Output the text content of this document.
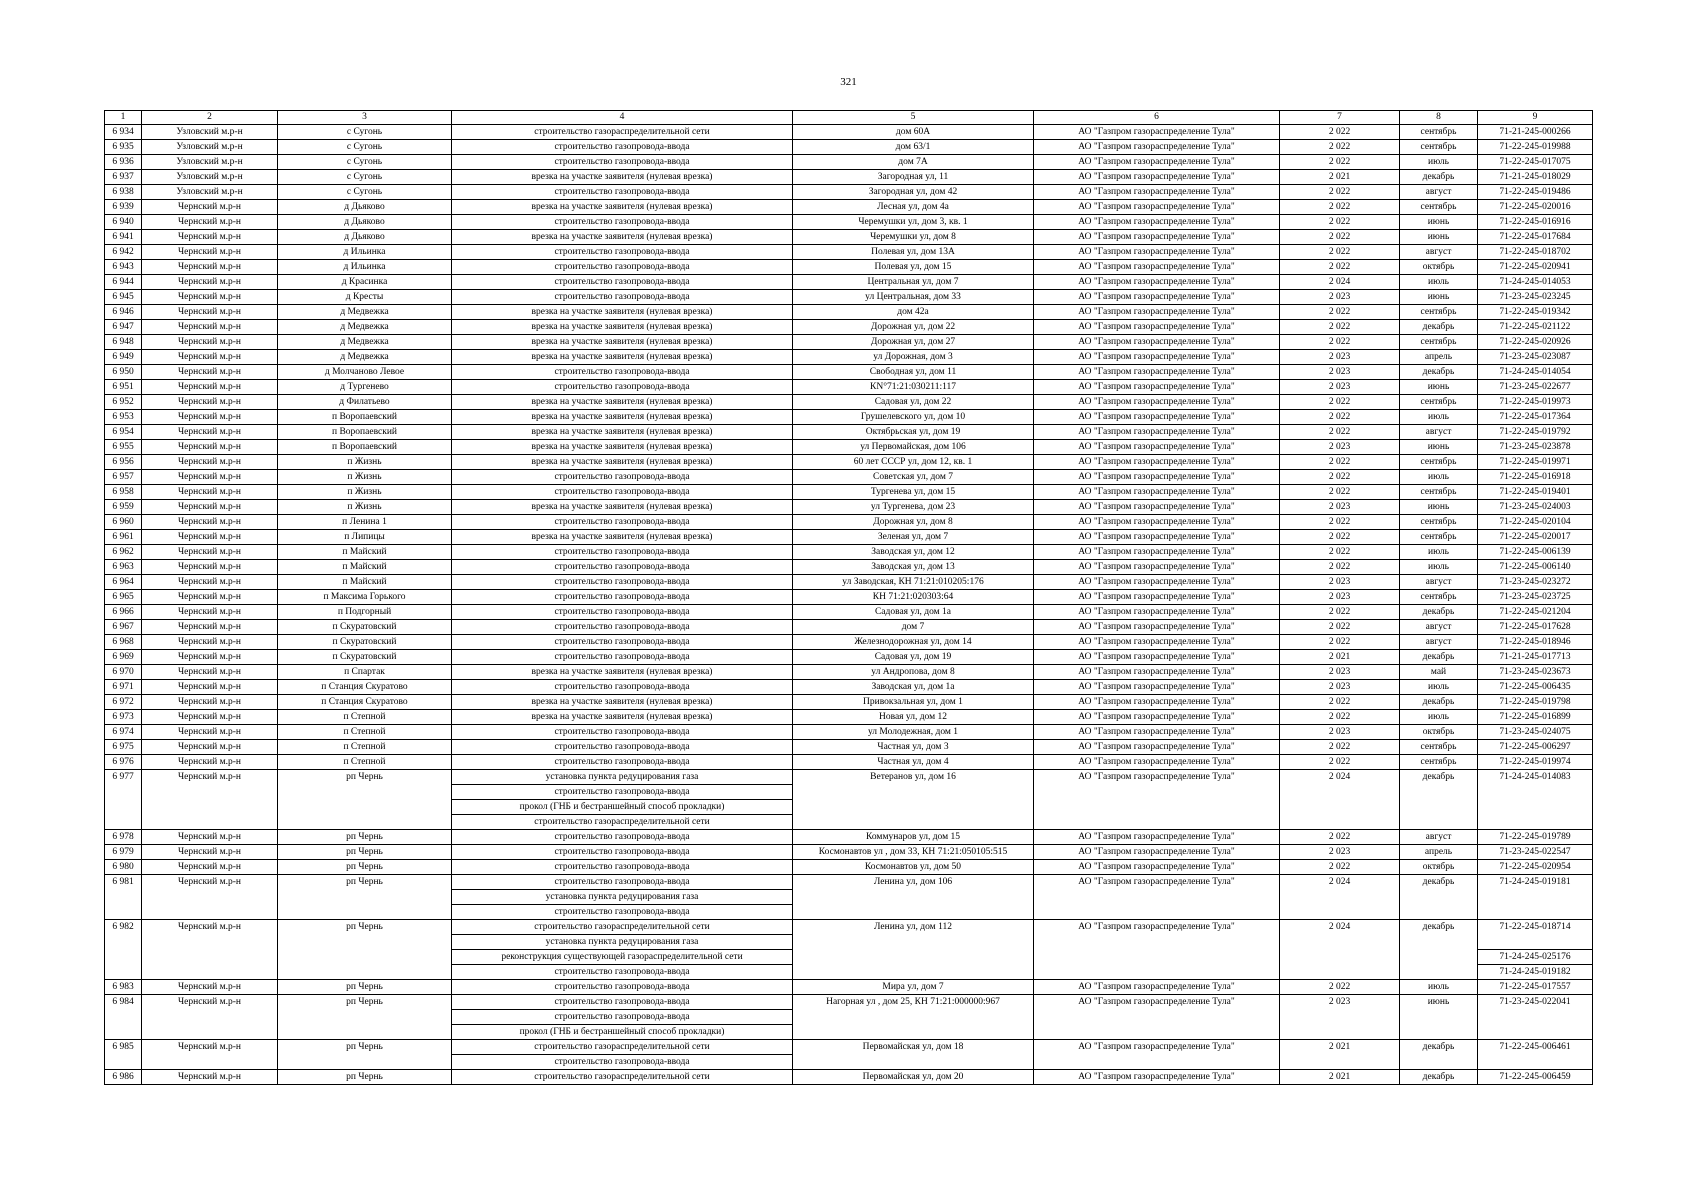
321
1	2	3	4	5	6	7	8	9
6 934	Узловский м.р-н	с Сугонь	строительство газораспределительной сети	дом 60А	АО "Газпром газораспределение Тула"	2 022	сентябрь	71-21-245-000266
6 935	Узловский м.р-н	с Сугонь	строительство газопровода-ввода	дом 63/1	АО "Газпром газораспределение Тула"	2 022	сентябрь	71-22-245-019988
6 936	Узловский м.р-н	с Сугонь	строительство газопровода-ввода	дом 7А	АО "Газпром газораспределение Тула"	2 022	июль	71-22-245-017075
6 937	Узловский м.р-н	с Сугонь	врезка на участке заявителя (нулевая врезка)	Загородная ул, 11	АО "Газпром газораспределение Тула"	2 021	декабрь	71-21-245-018029
6 938	Узловский м.р-н	с Сугонь	строительство газопровода-ввода	Загородная ул, дом 42	АО "Газпром газораспределение Тула"	2 022	август	71-22-245-019486
6 939	Чернский м.р-н	д Дьяково	врезка на участке заявителя (нулевая врезка)	Лесная ул, дом 4а	АО "Газпром газораспределение Тула"	2 022	сентябрь	71-22-245-020016
6 940	Чернский м.р-н	д Дьяково	строительство газопровода-ввода	Черемушки ул, дом 3, кв. 1	АО "Газпром газораспределение Тула"	2 022	июнь	71-22-245-016916
6 941	Чернский м.р-н	д Дьяково	врезка на участке заявителя (нулевая врезка)	Черемушки ул, дом 8	АО "Газпром газораспределение Тула"	2 022	июнь	71-22-245-017684
6 942	Чернский м.р-н	д Ильинка	строительство газопровода-ввода	Полевая ул, дом 13А	АО "Газпром газораспределение Тула"	2 022	август	71-22-245-018702
6 943	Чернский м.р-н	д Ильинка	строительство газопровода-ввода	Полевая ул, дом 15	АО "Газпром газораспределение Тула"	2 022	октябрь	71-22-245-020941
6 944	Чернский м.р-н	д Красинка	строительство газопровода-ввода	Центральная ул, дом 7	АО "Газпром газораспределение Тула"	2 024	июль	71-24-245-014053
6 945	Чернский м.р-н	д Кресты	строительство газопровода-ввода	ул Центральная, дом 33	АО "Газпром газораспределение Тула"	2 023	июнь	71-23-245-023245
6 946	Чернский м.р-н	д Медвежка	врезка на участке заявителя (нулевая врезка)	дом 42а	АО "Газпром газораспределение Тула"	2 022	сентябрь	71-22-245-019342
6 947	Чернский м.р-н	д Медвежка	врезка на участке заявителя (нулевая врезка)	Дорожная ул, дом 22	АО "Газпром газораспределение Тула"	2 022	декабрь	71-22-245-021122
6 948	Чернский м.р-н	д Медвежка	врезка на участке заявителя (нулевая врезка)	Дорожная ул, дом 27	АО "Газпром газораспределение Тула"	2 022	сентябрь	71-22-245-020926
6 949	Чернский м.р-н	д Медвежка	врезка на участке заявителя (нулевая врезка)	ул Дорожная, дом 3	АО "Газпром газораспределение Тула"	2 023	апрель	71-23-245-023087
6 950	Чернский м.р-н	д Молчаново Левое	строительство газопровода-ввода	Свободная ул, дом 11	АО "Газпром газораспределение Тула"	2 023	декабрь	71-24-245-014054
6 951	Чернский м.р-н	д Тургенево	строительство газопровода-ввода	КN°71:21:030211:117	АО "Газпром газораспределение Тула"	2 023	июнь	71-23-245-022677
6 952	Чернский м.р-н	д Филатьево	врезка на участке заявителя (нулевая врезка)	Садовая ул, дом 22	АО "Газпром газораспределение Тула"	2 022	сентябрь	71-22-245-019973
6 953	Чернский м.р-н	п Воропаевский	врезка на участке заявителя (нулевая врезка)	Грушелевского ул, дом 10	АО "Газпром газораспределение Тула"	2 022	июль	71-22-245-017364
6 954	Чернский м.р-н	п Воропаевский	врезка на участке заявителя (нулевая врезка)	Октябрьская ул, дом 19	АО "Газпром газораспределение Тула"	2 022	август	71-22-245-019792
6 955	Чернский м.р-н	п Воропаевский	врезка на участке заявителя (нулевая врезка)	ул Первомайская, дом 106	АО "Газпром газораспределение Тула"	2 023	июнь	71-23-245-023878
6 956	Чернский м.р-н	п Жизнь	врезка на участке заявителя (нулевая врезка)	60 лет СССР ул, дом 12, кв. 1	АО "Газпром газораспределение Тула"	2 022	сентябрь	71-22-245-019971
6 957	Чернский м.р-н	п Жизнь	строительство газопровода-ввода	Советская ул, дом 7	АО "Газпром газораспределение Тула"	2 022	июль	71-22-245-016918
6 958	Чернский м.р-н	п Жизнь	строительство газопровода-ввода	Тургенева ул, дом 15	АО "Газпром газораспределение Тула"	2 022	сентябрь	71-22-245-019401
6 959	Чернский м.р-н	п Жизнь	врезка на участке заявителя (нулевая врезка)	ул Тургенева, дом 23	АО "Газпром газораспределение Тула"	2 023	июнь	71-23-245-024003
6 960	Чернский м.р-н	п Ленина 1	строительство газопровода-ввода	Дорожная ул, дом 8	АО "Газпром газораспределение Тула"	2 022	сентябрь	71-22-245-020104
6 961	Чернский м.р-н	п Липицы	врезка на участке заявителя (нулевая врезка)	Зеленая ул, дом 7	АО "Газпром газораспределение Тула"	2 022	сентябрь	71-22-245-020017
6 962	Чернский м.р-н	п Майский	строительство газопровода-ввода	Заводская ул, дом 12	АО "Газпром газораспределение Тула"	2 022	июль	71-22-245-006139
6 963	Чернский м.р-н	п Майский	строительство газопровода-ввода	Заводская ул, дом 13	АО "Газпром газораспределение Тула"	2 022	июль	71-22-245-006140
6 964	Чернский м.р-н	п Майский	строительство газопровода-ввода	ул Заводская, КН 71:21:010205:176	АО "Газпром газораспределение Тула"	2 023	август	71-23-245-023272
6 965	Чернский м.р-н	п Максима Горького	строительство газопровода-ввода	КН 71:21:020303:64	АО "Газпром газораспределение Тула"	2 023	сентябрь	71-23-245-023725
6 966	Чернский м.р-н	п Подгорный	строительство газопровода-ввода	Садовая ул, дом 1а	АО "Газпром газораспределение Тула"	2 022	декабрь	71-22-245-021204
6 967	Чернский м.р-н	п Скуратовский	строительство газопровода-ввода	дом 7	АО "Газпром газораспределение Тула"	2 022	август	71-22-245-017628
6 968	Чернский м.р-н	п Скуратовский	строительство газопровода-ввода	Железнодорожная ул, дом 14	АО "Газпром газораспределение Тула"	2 022	август	71-22-245-018946
6 969	Чернский м.р-н	п Скуратовский	строительство газопровода-ввода	Садовая ул, дом 19	АО "Газпром газораспределение Тула"	2 021	декабрь	71-21-245-017713
6 970	Чернский м.р-н	п Спартак	врезка на участке заявителя (нулевая врезка)	ул Андропова, дом 8	АО "Газпром газораспределение Тула"	2 023	май	71-23-245-023673
6 971	Чернский м.р-н	п Станция Скуратово	строительство газопровода-ввода	Заводская ул, дом 1а	АО "Газпром газораспределение Тула"	2 023	июль	71-22-245-006435
6 972	Чернский м.р-н	п Станция Скуратово	врезка на участке заявителя (нулевая врезка)	Привокзальная ул, дом 1	АО "Газпром газораспределение Тула"	2 022	декабрь	71-22-245-019798
6 973	Чернский м.р-н	п Степной	врезка на участке заявителя (нулевая врезка)	Новая ул, дом 12	АО "Газпром газораспределение Тула"	2 022	июль	71-22-245-016899
6 974	Чернский м.р-н	п Степной	строительство газопровода-ввода	ул Молодежная, дом 1	АО "Газпром газораспределение Тула"	2 023	октябрь	71-23-245-024075
6 975	Чернский м.р-н	п Степной	строительство газопровода-ввода	Частная ул, дом 3	АО "Газпром газораспределение Тула"	2 022	сентябрь	71-22-245-006297
6 976	Чернский м.р-н	п Степной	строительство газопровода-ввода	Частная ул, дом 4	АО "Газпром газораспределение Тула"	2 022	сентябрь	71-22-245-019974
6 977	Чернский м.р-н	рп Чернь	установка пункта редуцирования газа	Ветеранов ул, дом 16	АО "Газпром газораспределение Тула"	2 024	декабрь	71-24-245-014083
			строительство газопровода-ввода					
			прокол (ГНБ и бестраншейный способ прокладки)					
			строительство газораспределительной сети					
6 978	Чернский м.р-н	рп Чернь	строительство газопровода-ввода	Коммунаров ул, дом 15	АО "Газпром газораспределение Тула"	2 022	август	71-22-245-019789
6 979	Чернский м.р-н	рп Чернь	строительство газопровода-ввода	Космонавтов ул , дом 33, КН 71:21:050105:515	АО "Газпром газораспределение Тула"	2 023	апрель	71-23-245-022547
6 980	Чернский м.р-н	рп Чернь	строительство газопровода-ввода	Космонавтов ул, дом 50	АО "Газпром газораспределение Тула"	2 022	октябрь	71-22-245-020954
6 981	Чернский м.р-н	рп Чернь	строительство газопровода-ввода	Ленина ул, дом 106	АО "Газпром газораспределение Тула"	2 024	декабрь	71-24-245-019181
			установка пункта редуцирования газа					
			строительство газопровода-ввода					
6 982	Чернский м.р-н	рп Чернь	строительство газораспределительной сети	Ленина ул, дом 112	АО "Газпром газораспределение Тула"	2 024	декабрь	71-22-245-018714
			установка пункта редуцирования газа					
			реконструкция существующей газораспределительной сети					71-24-245-025176
			строительство газопровода-ввода					71-24-245-019182
6 983	Чернский м.р-н	рп Чернь	строительство газопровода-ввода	Мира ул, дом 7	АО "Газпром газораспределение Тула"	2 022	июль	71-22-245-017557
6 984	Чернский м.р-н	рп Чернь	строительство газопровода-ввода	Нагорная ул , дом 25, КН 71:21:000000:967	АО "Газпром газораспределение Тула"	2 023	июнь	71-23-245-022041
			строительство газопровода-ввода					
			прокол (ГНБ и бестраншейный способ прокладки)					
6 985	Чернский м.р-н	рп Чернь	строительство газораспределительной сети	Первомайская ул, дом 18	АО "Газпром газораспределение Тула"	2 021	декабрь	71-22-245-006461
			строительство газопровода-ввода					
6 986	Чернский м.р-н	рп Чернь	строительство газораспределительной сети	Первомайская ул, дом 20	АО "Газпром газораспределение Тула"	2 021	декабрь	71-22-245-006459
